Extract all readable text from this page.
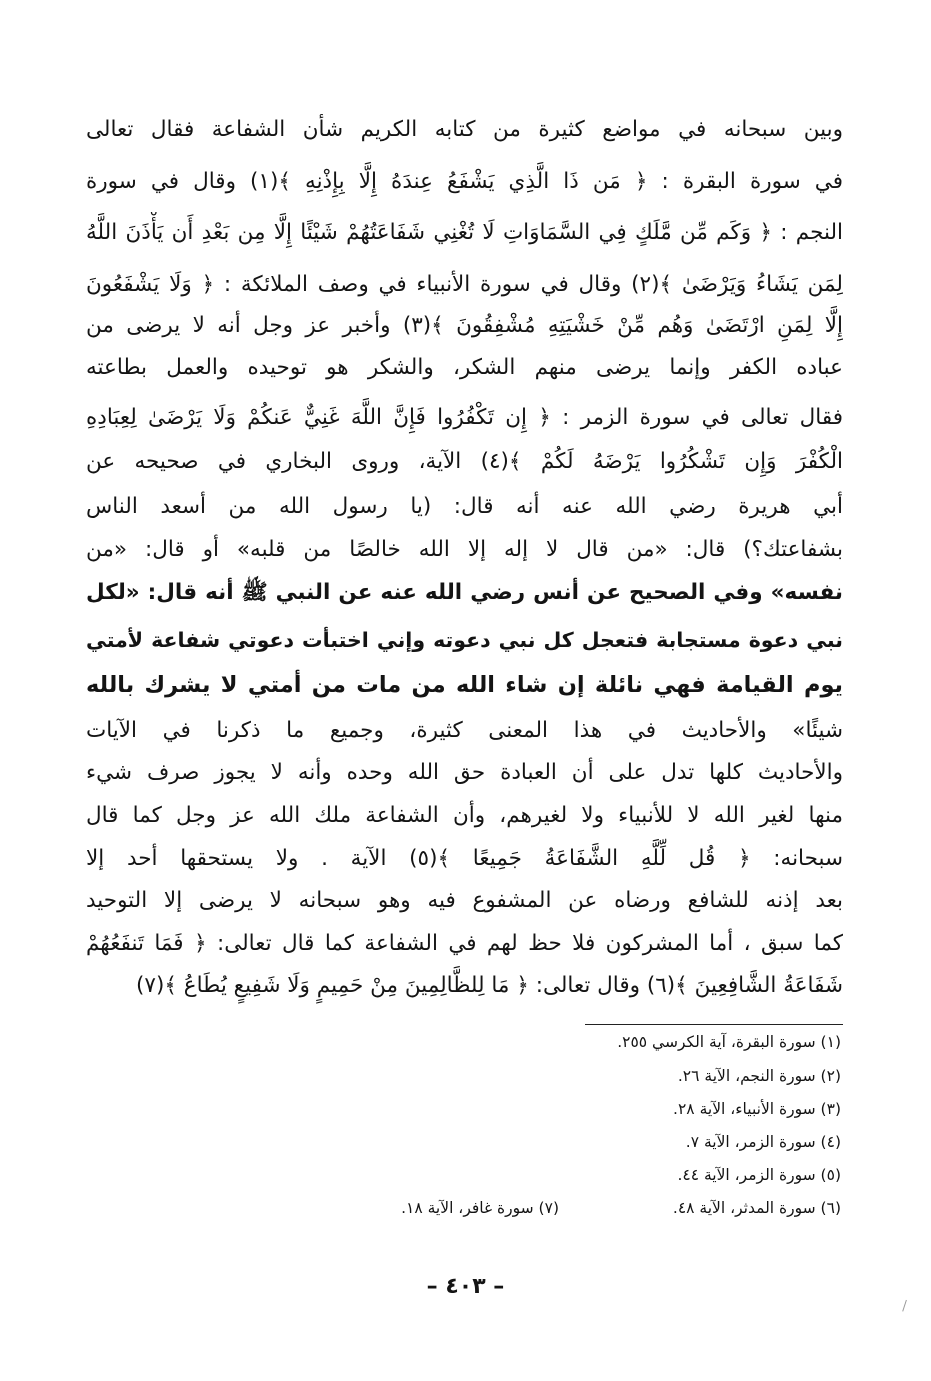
وبين سبحانه في مواضع كثيرة من كتابه الكريم شأن الشفاعة فقال تعالى
في سورة البقرة : ﴿ مَن ذَا الَّذِي يَشْفَعُ عِندَهُ إِلَّا بِإِذْنِهِ ﴾(١) وقال في سورة
النجم : ﴿ وَكَم مِّن مَّلَكٍ فِي السَّمَاوَاتِ لَا تُغْنِي شَفَاعَتُهُمْ شَيْئًا إِلَّا مِن بَعْدِ أَن يَأْذَنَ اللَّهُ
لِمَن يَشَاءُ وَيَرْضَىٰ ﴾(٢) وقال في سورة الأنبياء في وصف الملائكة : ﴿ وَلَا يَشْفَعُونَ
إِلَّا لِمَنِ ارْتَضَىٰ وَهُم مِّنْ خَشْيَتِهِ مُشْفِقُونَ ﴾(٣) وأخبر عز وجل أنه لا يرضى من
عباده الكفر وإنما يرضى منهم الشكر، والشكر هو توحيده والعمل بطاعته
فقال تعالى في سورة الزمر : ﴿ إِن تَكْفُرُوا فَإِنَّ اللَّهَ غَنِيٌّ عَنكُمْ وَلَا يَرْضَىٰ لِعِبَادِهِ
الْكُفْرَ وَإِن تَشْكُرُوا يَرْضَهُ لَكُمْ ﴾(٤) الآية، وروى البخاري في صحيحه عن
أبي هريرة رضي الله عنه أنه قال: (يا رسول الله من أسعد الناس
بشفاعتك؟) قال: «من قال لا إله إلا الله خالصًا من قلبه» أو قال: «من
نفسه» وفي الصحيح عن أنس رضي الله عنه عن النبي ﷺ أنه قال: «لكل
نبي دعوة مستجابة فتعجل كل نبي دعوته وإني اختبأت دعوتي شفاعة لأمتي
يوم القيامة فهي نائلة إن شاء الله من مات من أمتي لا يشرك بالله
شيئًا» والأحاديث في هذا المعنى كثيرة، وجميع ما ذكرنا في الآيات
والأحاديث كلها تدل على أن العبادة حق الله وحده وأنه لا يجوز صرف شيء
منها لغير الله لا للأنبياء ولا لغيرهم، وأن الشفاعة ملك الله عز وجل كما قال
سبحانه: ﴿ قُل لِّلَّهِ الشَّفَاعَةُ جَمِيعًا ﴾(٥) الآية . ولا يستحقها أحد إلا
بعد إذنه للشافع ورضاه عن المشفوع فيه وهو سبحانه لا يرضى إلا التوحيد
كما سبق ، أما المشركون فلا حظ لهم في الشفاعة كما قال تعالى: ﴿ فَمَا تَنفَعُهُمْ
شَفَاعَةُ الشَّافِعِينَ ﴾(٦) وقال تعالى: ﴿ مَا لِلظَّالِمِينَ مِنْ حَمِيمٍ وَلَا شَفِيعٍ يُطَاعُ ﴾(٧)
(١) سورة البقرة، آية الكرسي ٢٥٥.
(٢) سورة النجم، الآية ٢٦.
(٣) سورة الأنبياء، الآية ٢٨.
(٤) سورة الزمر، الآية ٧.
(٥) سورة الزمر، الآية ٤٤.
(٦) سورة المدثر، الآية ٤٨.
(٧) سورة غافر، الآية ١٨.
– ٤٠٣ –
